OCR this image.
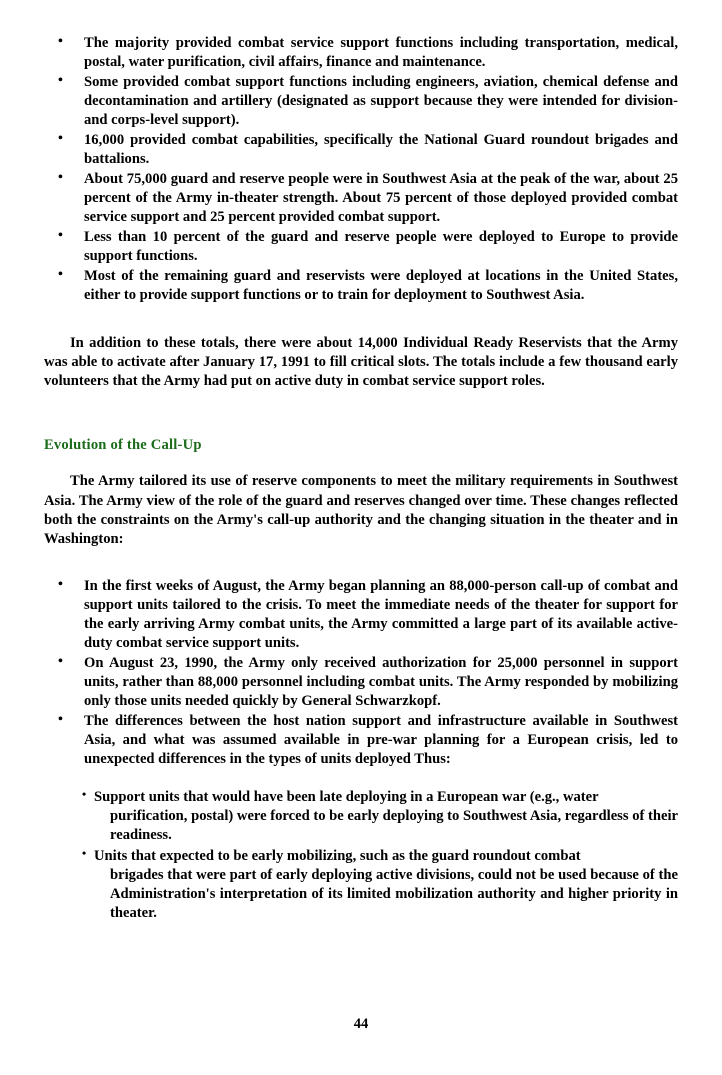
• The majority provided combat service support functions including transportation, medical, postal, water purification, civil affairs, finance and maintenance.
• Some provided combat support functions including engineers, aviation, chemical defense and decontamination and artillery (designated as support because they were intended for division- and corps-level support).
• 16,000 provided combat capabilities, specifically the National Guard roundout brigades and battalions.
• About 75,000 guard and reserve people were in Southwest Asia at the peak of the war, about 25 percent of the Army in-theater strength. About 75 percent of those deployed provided combat service support and 25 percent provided combat support.
• Less than 10 percent of the guard and reserve people were deployed to Europe to provide support functions.
• Most of the remaining guard and reservists were deployed at locations in the United States, either to provide support functions or to train for deployment to Southwest Asia.

In addition to these totals, there were about 14,000 Individual Ready Reservists that the Army was able to activate after January 17, 1991 to fill critical slots. The totals include a few thousand early volunteers that the Army had put on active duty in combat service support roles.

Evolution of the Call-Up

The Army tailored its use of reserve components to meet the military requirements in Southwest Asia. The Army view of the role of the guard and reserves changed over time. These changes reflected both the constraints on the Army's call-up authority and the changing situation in the theater and in Washington:

• In the first weeks of August, the Army began planning an 88,000-person call-up of combat and support units tailored to the crisis. To meet the immediate needs of the theater for support for the early arriving Army combat units, the Army committed a large part of its available active-duty combat service support units.
• On August 23, 1990, the Army only received authorization for 25,000 personnel in support units, rather than 88,000 personnel including combat units. The Army responded by mobilizing only those units needed quickly by General Schwarzkopf.
• The differences between the host nation support and infrastructure available in Southwest Asia, and what was assumed available in pre-war planning for a European crisis, led to unexpected differences in the types of units deployed Thus:
• Support units that would have been late deploying in a European war (e.g., water
purification, postal) were forced to be early deploying to Southwest Asia, regardless of their readiness.
• Units that expected to be early mobilizing, such as the guard roundout combat
brigades that were part of early deploying active divisions, could not be used because of the Administration's interpretation of its limited mobilization authority and higher priority in theater.
44
